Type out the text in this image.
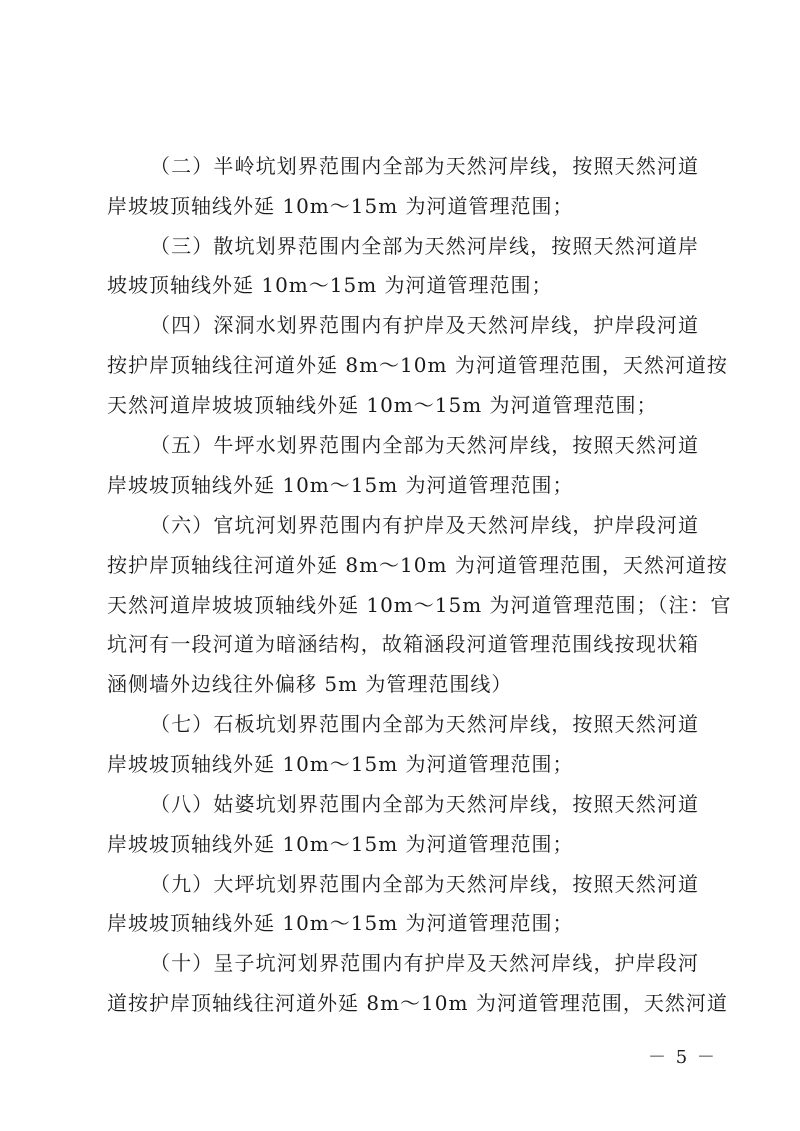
（二）半岭坑划界范围内全部为天然河岸线，按照天然河道
岸坡坡顶轴线外延 10m～15m 为河道管理范围；
（三）散坑划界范围内全部为天然河岸线，按照天然河道岸
坡坡顶轴线外延 10m～15m 为河道管理范围；
（四）深洞水划界范围内有护岸及天然河岸线，护岸段河道
按护岸顶轴线往河道外延 8m～10m 为河道管理范围，天然河道按
天然河道岸坡坡顶轴线外延 10m～15m 为河道管理范围；
（五）牛坪水划界范围内全部为天然河岸线，按照天然河道
岸坡坡顶轴线外延 10m～15m 为河道管理范围；
（六）官坑河划界范围内有护岸及天然河岸线，护岸段河道
按护岸顶轴线往河道外延 8m～10m 为河道管理范围，天然河道按
天然河道岸坡坡顶轴线外延 10m～15m 为河道管理范围；（注：官
坑河有一段河道为暗涵结构，故箱涵段河道管理范围线按现状箱
涵侧墙外边线往外偏移 5m 为管理范围线）
（七）石板坑划界范围内全部为天然河岸线，按照天然河道
岸坡坡顶轴线外延 10m～15m 为河道管理范围；
（八）姑婆坑划界范围内全部为天然河岸线，按照天然河道
岸坡坡顶轴线外延 10m～15m 为河道管理范围；
（九）大坪坑划界范围内全部为天然河岸线，按照天然河道
岸坡坡顶轴线外延 10m～15m 为河道管理范围；
（十）呈子坑河划界范围内有护岸及天然河岸线，护岸段河
道按护岸顶轴线往河道外延 8m～10m 为河道管理范围，天然河道
－ 5 －
